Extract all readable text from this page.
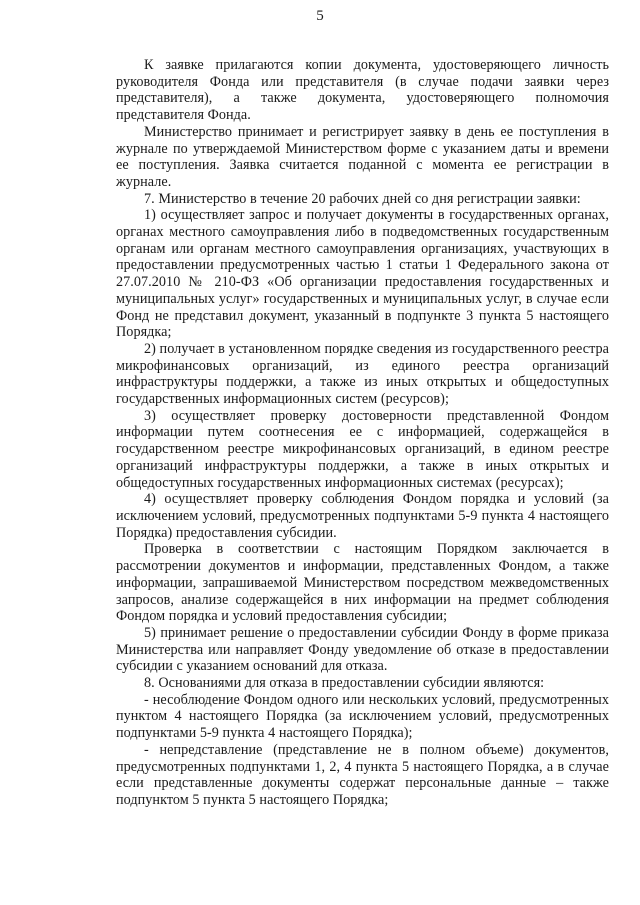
5

К заявке прилагаются копии документа, удостоверяющего личность руководителя Фонда или представителя (в случае подачи заявки через представителя), а также документа, удостоверяющего полномочия представителя Фонда.

Министерство принимает и регистрирует заявку в день ее поступления в журнале по утверждаемой Министерством форме с указанием даты и времени ее поступления. Заявка считается поданной с момента ее регистрации в журнале.

7. Министерство в течение 20 рабочих дней со дня регистрации заявки:

1) осуществляет запрос и получает документы в государственных органах, органах местного самоуправления либо в подведомственных государственным органам или органам местного самоуправления организациях, участвующих в предоставлении предусмотренных частью 1 статьи 1 Федерального закона от 27.07.2010 № 210-ФЗ «Об организации предоставления государственных и муниципальных услуг» государственных и муниципальных услуг, в случае если Фонд не представил документ, указанный в подпункте 3 пункта 5 настоящего Порядка;

2) получает в установленном порядке сведения из государственного реестра микрофинансовых организаций, из единого реестра организаций инфраструктуры поддержки, а также из иных открытых и общедоступных государственных информационных систем (ресурсов);

3) осуществляет проверку достоверности представленной Фондом информации путем соотнесения ее с информацией, содержащейся в государственном реестре микрофинансовых организаций, в едином реестре организаций инфраструктуры поддержки, а также в иных открытых и общедоступных государственных информационных системах (ресурсах);

4) осуществляет проверку соблюдения Фондом порядка и условий (за исключением условий, предусмотренных подпунктами 5-9 пункта 4 настоящего Порядка) предоставления субсидии.

Проверка в соответствии с настоящим Порядком заключается в рассмотрении документов и информации, представленных Фондом, а также информации, запрашиваемой Министерством посредством межведомственных запросов, анализе содержащейся в них информации на предмет соблюдения Фондом порядка и условий предоставления субсидии;

5) принимает решение о предоставлении субсидии Фонду в форме приказа Министерства или направляет Фонду уведомление об отказе в предоставлении субсидии с указанием оснований для отказа.

8. Основаниями для отказа в предоставлении субсидии являются:

- несоблюдение Фондом одного или нескольких условий, предусмотренных пунктом 4 настоящего Порядка (за исключением условий, предусмотренных подпунктами 5-9 пункта 4 настоящего Порядка);

- непредставление (представление не в полном объеме) документов, предусмотренных подпунктами 1, 2, 4 пункта 5 настоящего Порядка, а в случае если представленные документы содержат персональные данные – также подпунктом 5 пункта 5 настоящего Порядка;
